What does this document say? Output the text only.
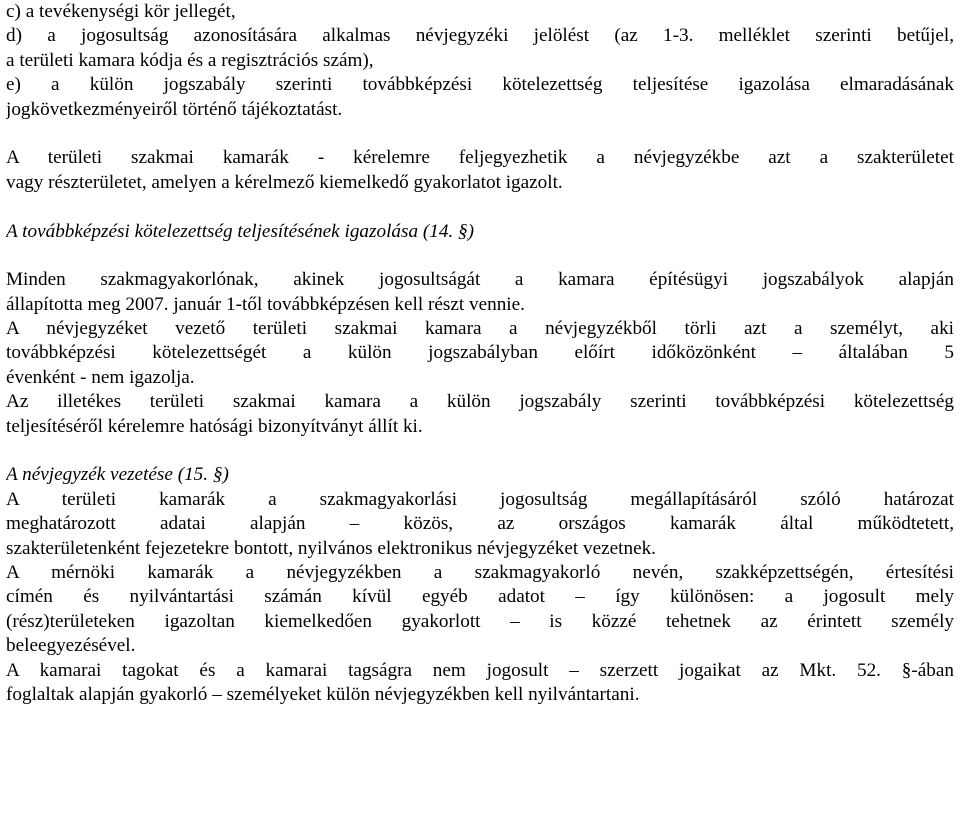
c) a tevékenységi kör jellegét,
d) a jogosultság azonosítására alkalmas névjegyzéki jelölést (az 1-3. melléklet szerinti betűjel,
a területi kamara kódja és a regisztrációs szám),
e) a külön jogszabály szerinti továbbképzési kötelezettség teljesítése igazolása elmaradásának
jogkövetkezményeiről történő tájékoztatást.
A területi szakmai kamarák - kérelemre feljegyezhetik a névjegyzékbe azt a szakterületet
vagy részterületet, amelyen a kérelmező kiemelkedő gyakorlatot igazolt.
A továbbképzési kötelezettség teljesítésének igazolása (14. §)
Minden szakmagyakorlónak, akinek jogosultságát a kamara építésügyi jogszabályok alapján
állapította meg 2007. január 1-től továbbképzésen kell részt vennie.
A névjegyzéket vezető területi szakmai kamara a névjegyzékből törli azt a személyt, aki
továbbképzési kötelezettségét a külön jogszabályban előírt időközönként – általában 5
évenként - nem igazolja.
Az illetékes területi szakmai kamara a külön jogszabály szerinti továbbképzési kötelezettség
teljesítéséről kérelemre hatósági bizonyítványt állít ki.
A névjegyzék vezetése (15. §)
A területi kamarák a szakmagyakorlási jogosultság megállapításáról szóló határozat
meghatározott adatai alapján – közös, az országos kamarák által működtetett,
szakterületenként fejezetekre bontott, nyilvános elektronikus névjegyzéket vezetnek.
A mérnöki kamarák a névjegyzékben a szakmagyakorló nevén, szakképzettségén, értesítési
címén és nyilvántartási számán kívül egyéb adatot – így különösen: a jogosult mely
(rész)területeken igazoltan kiemelkedően gyakorlott – is közzé tehetnek az érintett személy
beleegyezésével.
A kamarai tagokat és a kamarai tagságra nem jogosult – szerzett jogaikat az Mkt. 52. §-ában
foglaltak alapján gyakorló – személyeket külön névjegyzékben kell nyilvántartani.
